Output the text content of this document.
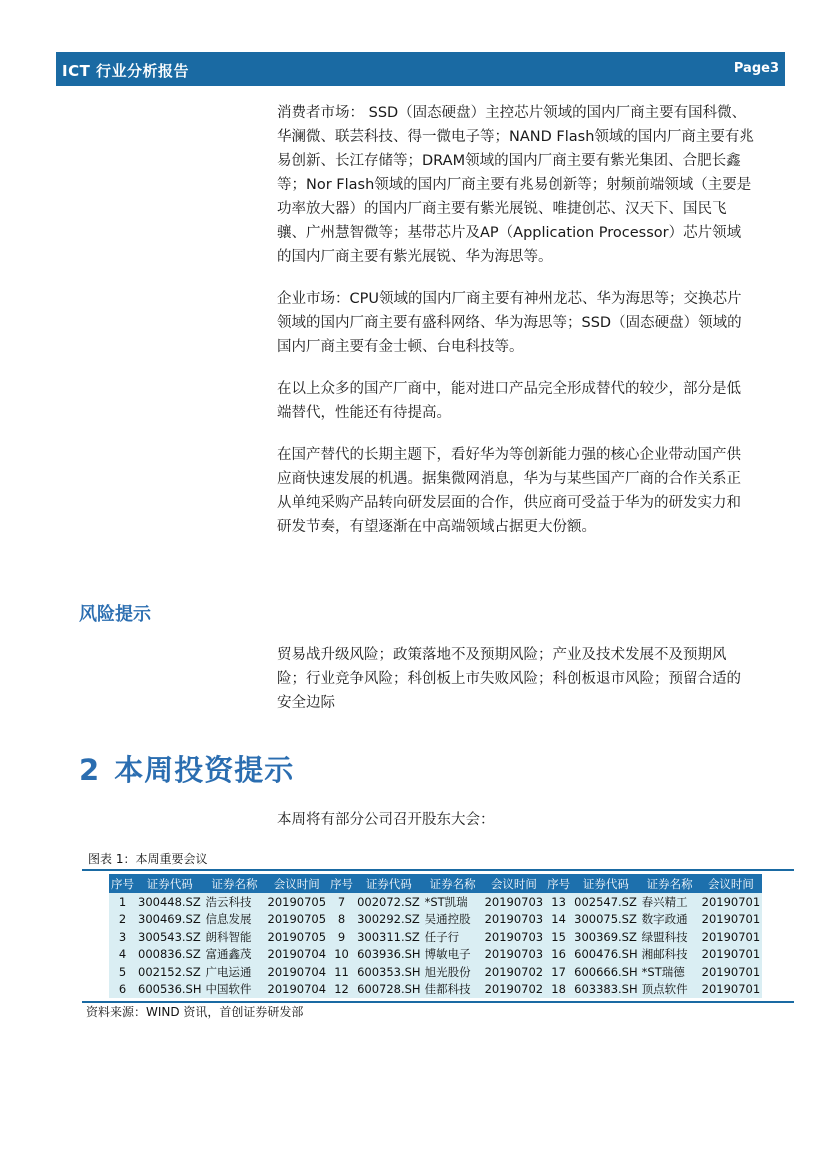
ICT 行业分析报告	Page3

消费者市场： SSD（固态硬盘）主控芯片领域的国内厂商主要有国科微、华澜微、联芸科技、得一微电子等；NAND Flash领域的国内厂商主要有兆易创新、长江存储等；DRAM领域的国内厂商主要有紫光集团、合肥长鑫等；Nor Flash领域的国内厂商主要有兆易创新等；射频前端领域（主要是功率放大器）的国内厂商主要有紫光展锐、唯捷创芯、汉天下、国民飞骧、广州慧智微等；基带芯片及AP（Application Processor）芯片领域的国内厂商主要有紫光展锐、华为海思等。

企业市场：CPU领域的国内厂商主要有神州龙芯、华为海思等；交换芯片领域的国内厂商主要有盛科网络、华为海思等；SSD（固态硬盘）领域的国内厂商主要有金士顿、台电科技等。

在以上众多的国产厂商中，能对进口产品完全形成替代的较少，部分是低端替代，性能还有待提高。

在国产替代的长期主题下，看好华为等创新能力强的核心企业带动国产供应商快速发展的机遇。据集微网消息，华为与某些国产厂商的合作关系正从单纯采购产品转向研发层面的合作，供应商可受益于华为的研发实力和研发节奏，有望逐渐在中高端领域占据更大份额。

风险提示

贸易战升级风险；政策落地不及预期风险；产业及技术发展不及预期风险；行业竞争风险；科创板上市失败风险；科创板退市风险；预留合适的安全边际

2 本周投资提示
本周将有部分公司召开股东大会：
图表 1：本周重要会议
序号	证券代码	证券名称	会议时间	序号	证券代码	证券名称	会议时间	序号	证券代码	证券名称	会议时间
1	300448.SZ	浩云科技	20190705	7	002072.SZ	*ST凯瑞	20190703	13	002547.SZ	春兴精工	20190701
2	300469.SZ	信息发展	20190705	8	300292.SZ	吴通控股	20190703	14	300075.SZ	数字政通	20190701
3	300543.SZ	朗科智能	20190705	9	300311.SZ	任子行	20190703	15	300369.SZ	绿盟科技	20190701
4	000836.SZ	富通鑫茂	20190704	10	603936.SH	博敏电子	20190703	16	600476.SH	湘邮科技	20190701
5	002152.SZ	广电运通	20190704	11	600353.SH	旭光股份	20190702	17	600666.SH	*ST瑞德	20190701
6	600536.SH	中国软件	20190704	12	600728.SH	佳都科技	20190702	18	603383.SH	顶点软件	20190701
资料来源：WIND 资讯，首创证券研发部
